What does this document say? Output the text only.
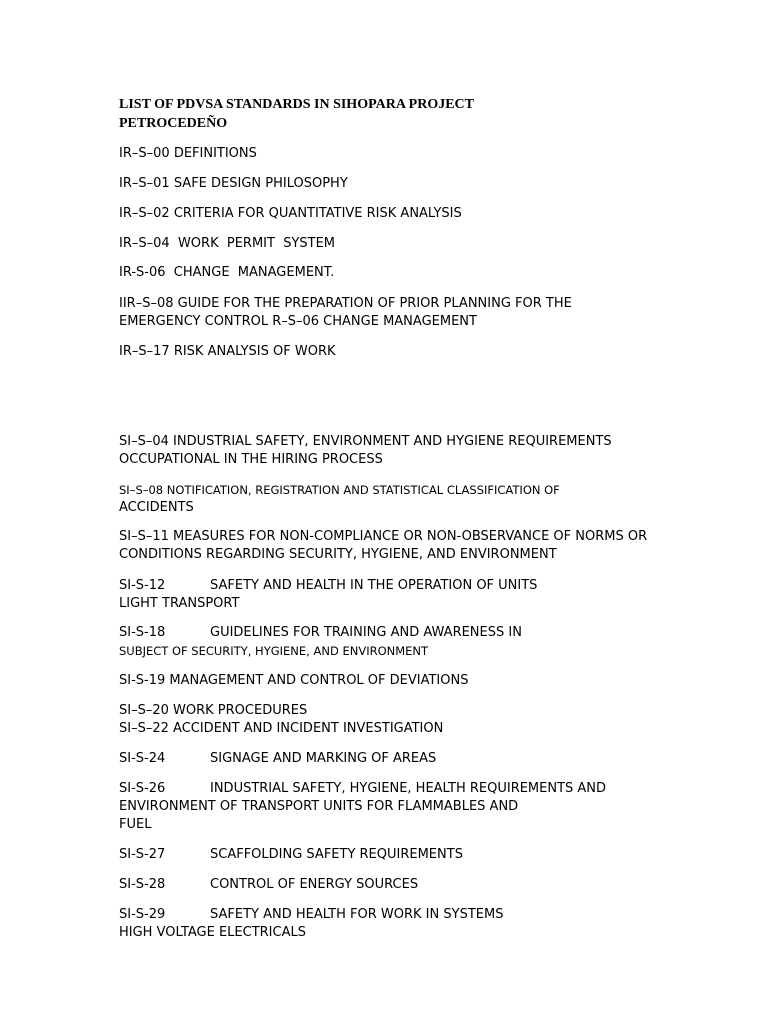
LIST OF PDVSA STANDARDS IN SIHOPARA PROJECT
PETROCEDEÑO
IR–S–00 DEFINITIONS
IR–S–01 SAFE DESIGN PHILOSOPHY
IR–S–02 CRITERIA FOR QUANTITATIVE RISK ANALYSIS
IR–S–04 WORK  PERMIT  SYSTEM
IR-S-06 CHANGE  MANAGEMENT.
IIR–S–08 GUIDE FOR THE PREPARATION OF PRIOR PLANNING FOR THE
EMERGENCY CONTROL R–S–06 CHANGE MANAGEMENT
IR–S–17 RISK ANALYSIS OF WORK
SI–S–04 INDUSTRIAL SAFETY, ENVIRONMENT AND HYGIENE REQUIREMENTS
OCCUPATIONAL IN THE HIRING PROCESS
SI–S–08 NOTIFICATION, REGISTRATION AND STATISTICAL CLASSIFICATION OF
ACCIDENTS
SI–S–11 MEASURES FOR NON-COMPLIANCE OR NON-OBSERVANCE OF NORMS OR
CONDITIONS REGARDING SECURITY, HYGIENE, AND ENVIRONMENT
SI-S-12	SAFETY AND HEALTH IN THE OPERATION OF UNITS
LIGHT TRANSPORT
SI-S-18	GUIDELINES FOR TRAINING AND AWARENESS IN
SUBJECT OF SECURITY, HYGIENE, AND ENVIRONMENT
SI-S-19 MANAGEMENT AND CONTROL OF DEVIATIONS
SI–S–20 WORK PROCEDURES
SI–S–22 ACCIDENT AND INCIDENT INVESTIGATION
SI-S-24	SIGNAGE AND MARKING OF AREAS
SI-S-26	INDUSTRIAL SAFETY, HYGIENE, HEALTH REQUIREMENTS AND
ENVIRONMENT OF TRANSPORT UNITS FOR FLAMMABLES AND
FUEL
SI-S-27	SCAFFOLDING SAFETY REQUIREMENTS
SI-S-28	CONTROL OF ENERGY SOURCES
SI-S-29	SAFETY AND HEALTH FOR WORK IN SYSTEMS
HIGH VOLTAGE ELECTRICALS
